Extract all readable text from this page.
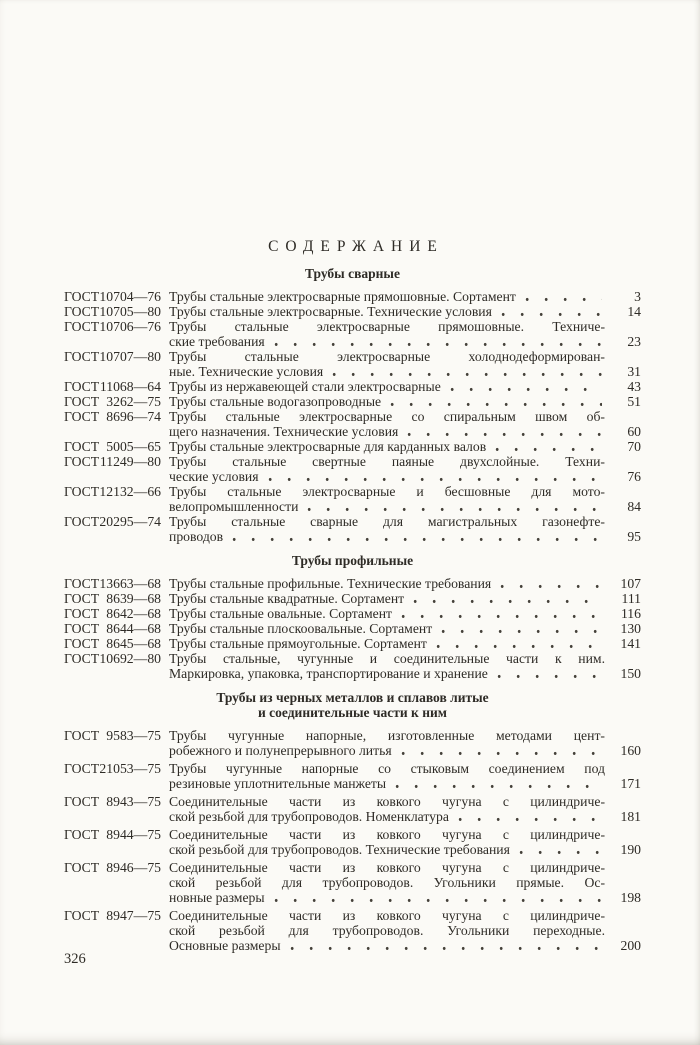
СОДЕРЖАНИЕ
Трубы сварные
ГОСТ 10704—76 Трубы стальные электросварные прямошовные. Сортамент	3
ГОСТ 10705—80 Трубы стальные электросварные. Технические условия	14
ГОСТ 10706—76 Трубы стальные электросварные прямошовные. Техниче-
ские требования	23
ГОСТ 10707—80 Трубы стальные электросварные холоднодеформирован-
ные. Технические условия	31
ГОСТ 11068—64 Трубы из нержавеющей стали электросварные	43
ГОСТ 3262—75 Трубы стальные водогазопроводные	51
ГОСТ 8696—74 Трубы стальные электросварные со спиральным швом об-
щего назначения. Технические условия	60
ГОСТ 5005—65 Трубы стальные электросварные для карданных валов	70
ГОСТ 11249—80 Трубы стальные свертные паяные двухслойные. Техни-
ческие условия	76
ГОСТ 12132—66 Трубы стальные электросварные и бесшовные для мото-
велопромышленности	84
ГОСТ 20295—74 Трубы стальные сварные для магистральных газонефте-
проводов	95
Трубы профильные
ГОСТ 13663—68 Трубы стальные профильные. Технические требования	107
ГОСТ 8639—68 Трубы стальные квадратные. Сортамент	111
ГОСТ 8642—68 Трубы стальные овальные. Сортамент	116
ГОСТ 8644—68 Трубы стальные плоскоовальные. Сортамент	130
ГОСТ 8645—68 Трубы стальные прямоугольные. Сортамент	141
ГОСТ 10692—80 Трубы стальные, чугунные и соединительные части к ним.
Маркировка, упаковка, транспортирование и хранение	150
Трубы из черных металлов и сплавов литые
и соединительные части к ним
ГОСТ 9583—75 Трубы чугунные напорные, изготовленные методами цент-
робежного и полунепрерывного литья	160
ГОСТ 21053—75 Трубы чугунные напорные со стыковым соединением под
резиновые уплотнительные манжеты	171
ГОСТ 8943—75 Соединительные части из ковкого чугуна с цилиндриче-
ской резьбой для трубопроводов. Номенклатура	181
ГОСТ 8944—75 Соединительные части из ковкого чугуна с цилиндриче-
ской резьбой для трубопроводов. Технические требования	190
ГОСТ 8946—75 Соединительные части из ковкого чугуна с цилиндриче-
ской резьбой для трубопроводов. Угольники прямые. Ос-
новные размеры	198
ГОСТ 8947—75 Соединительные части из ковкого чугуна с цилиндриче-
ской резьбой для трубопроводов. Угольники переходные.
Основные размеры	200
326
